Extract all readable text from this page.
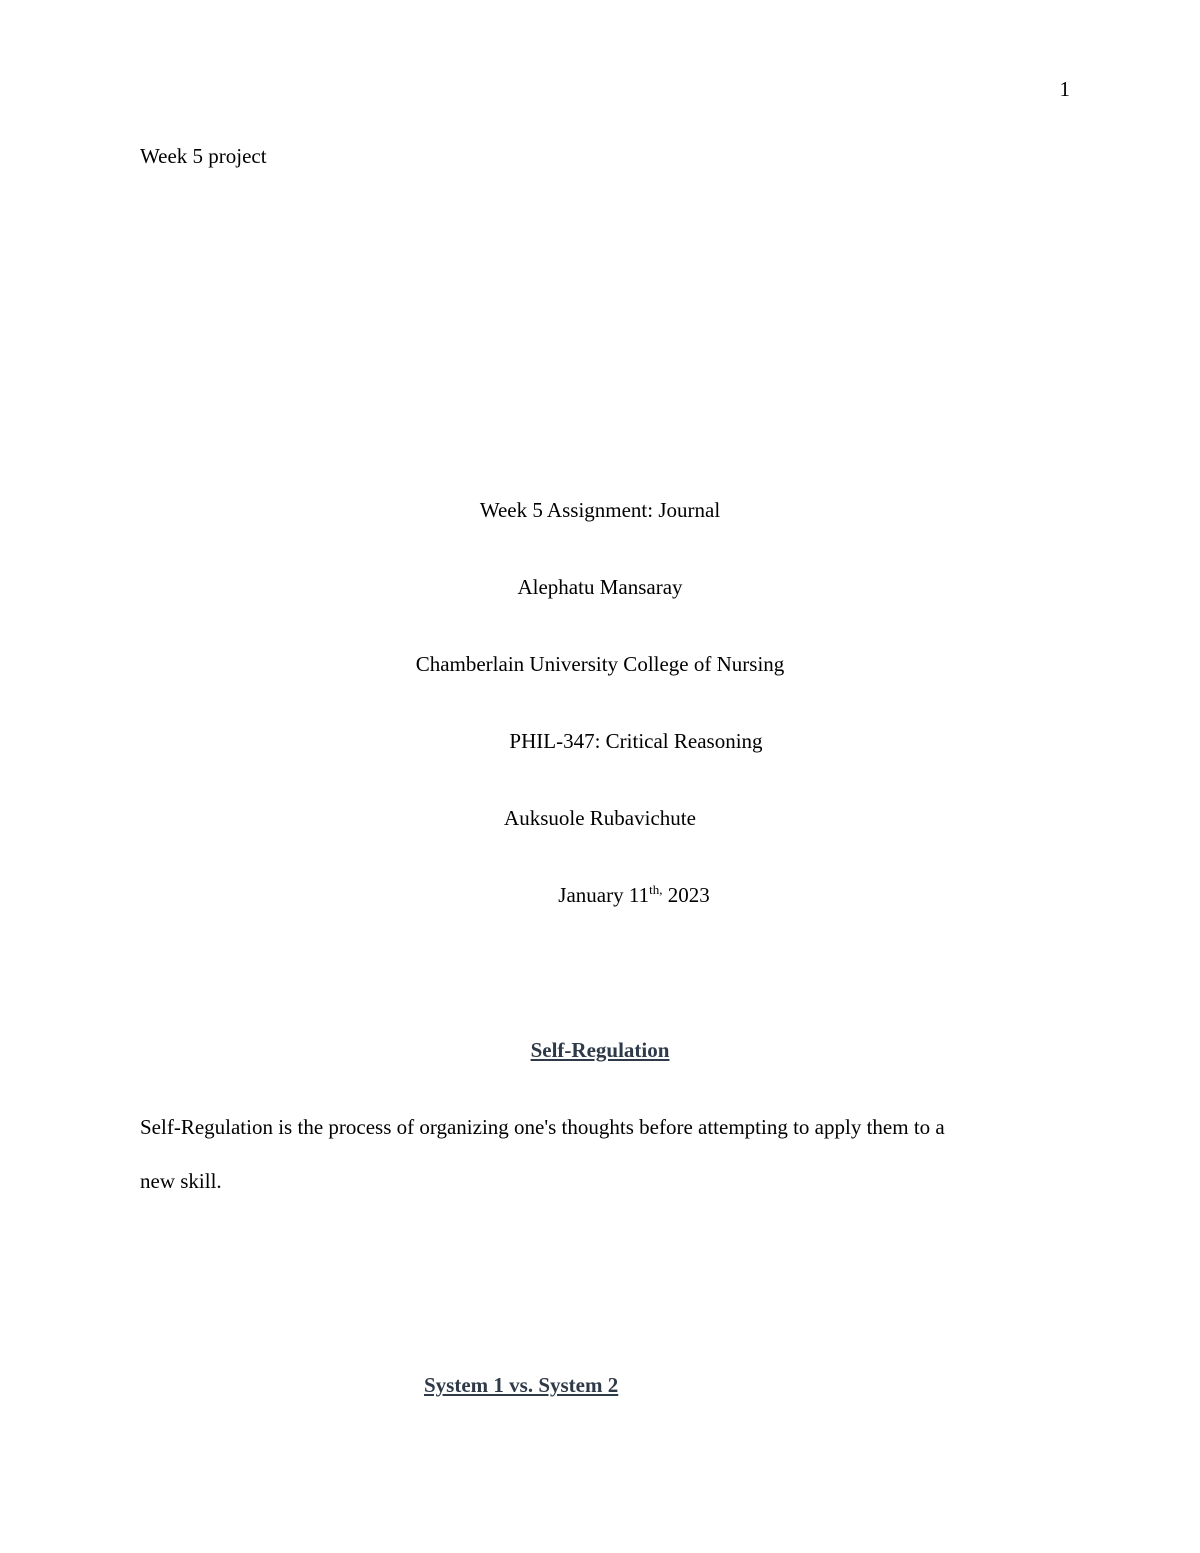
1
Week 5 project
Week 5 Assignment: Journal
Alephatu Mansaray
Chamberlain University College of Nursing
PHIL-347: Critical Reasoning
Auksuole Rubavichute
January $11^{th,}$ 2023
Self-Regulation
Self-Regulation is the process of organizing one's thoughts before attempting to apply them to a
new skill.
System 1 vs. System 2
